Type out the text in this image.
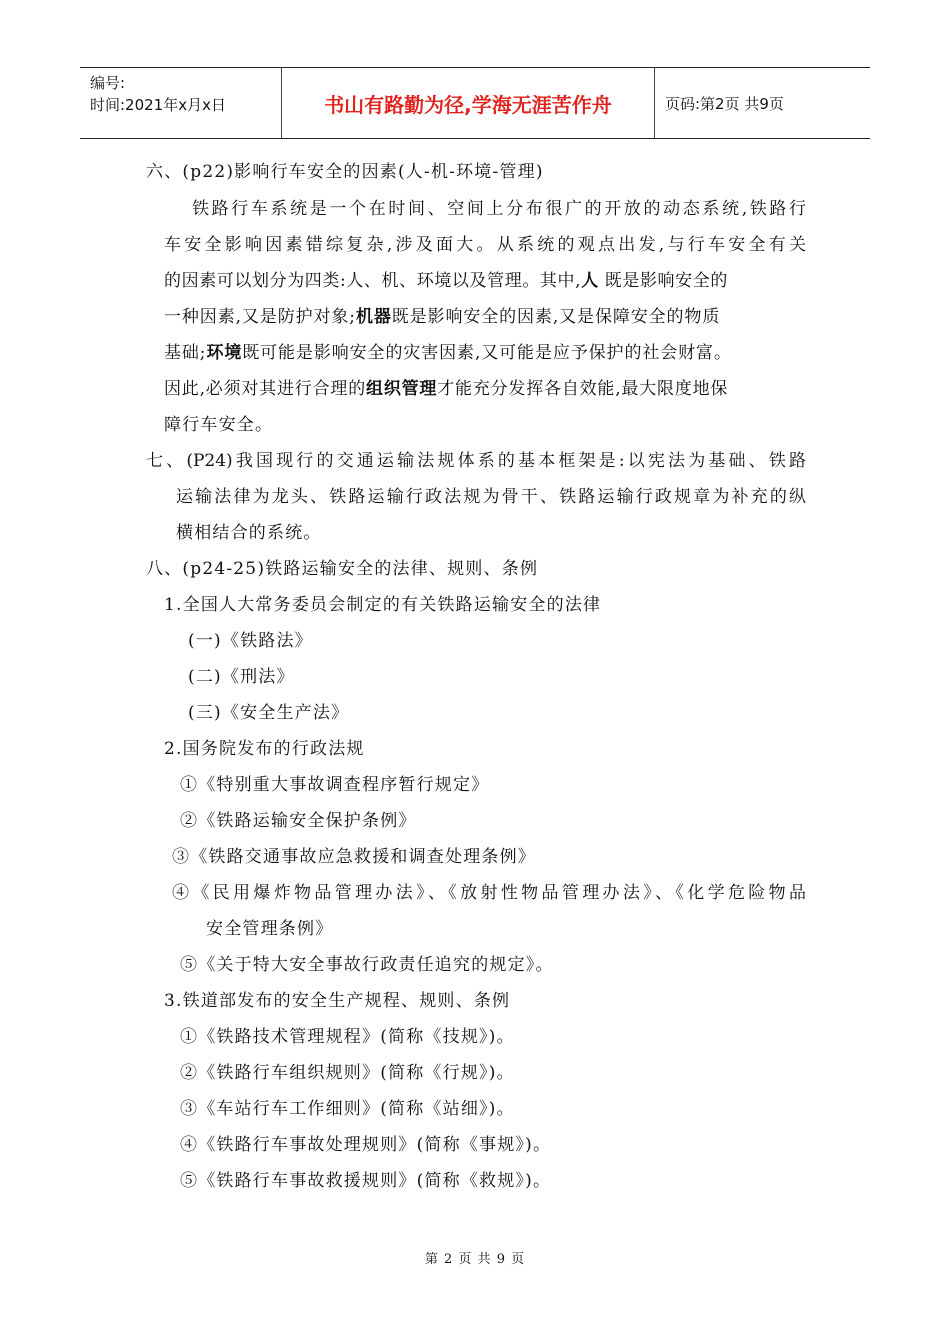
编号:
时间:2021年x月x日	书山有路勤为径,学海无涯苦作舟	页码:第2页 共9页
六、(p22)影响行车安全的因素(人-机-环境-管理)
铁路行车系统是一个在时间、空间上分布很广的开放的动态系统,铁路行
车安全影响因素错综复杂,涉及面大。从系统的观点出发,与行车安全有关
的因素可以划分为四类:人、机、环境以及管理。其中,人 既是影响安全的
一种因素,又是防护对象;机器既是影响安全的因素,又是保障安全的物质
基础;环境既可能是影响安全的灾害因素,又可能是应予保护的社会财富。
因此,必须对其进行合理的组织管理才能充分发挥各自效能,最大限度地保
障行车安全。
七、(P24)我国现行的交通运输法规体系的基本框架是:以宪法为基础、铁路
运输法律为龙头、铁路运输行政法规为骨干、铁路运输行政规章为补充的纵
横相结合的系统。
八、(p24-25)铁路运输安全的法律、规则、条例
1.全国人大常务委员会制定的有关铁路运输安全的法律
(一)《铁路法》
(二)《刑法》
(三)《安全生产法》
2.国务院发布的行政法规
①《特别重大事故调查程序暂行规定》
②《铁路运输安全保护条例》
③《铁路交通事故应急救援和调查处理条例》
④《民用爆炸物品管理办法》、《放射性物品管理办法》、《化学危险物品
安全管理条例》
⑤《关于特大安全事故行政责任追究的规定》。
3.铁道部发布的安全生产规程、规则、条例
①《铁路技术管理规程》(简称《技规》)。
②《铁路行车组织规则》(简称《行规》)。
③《车站行车工作细则》(简称《站细》)。
④《铁路行车事故处理规则》(简称《事规》)。
⑤《铁路行车事故救援规则》(简称《救规》)。
第 2 页 共 9 页
